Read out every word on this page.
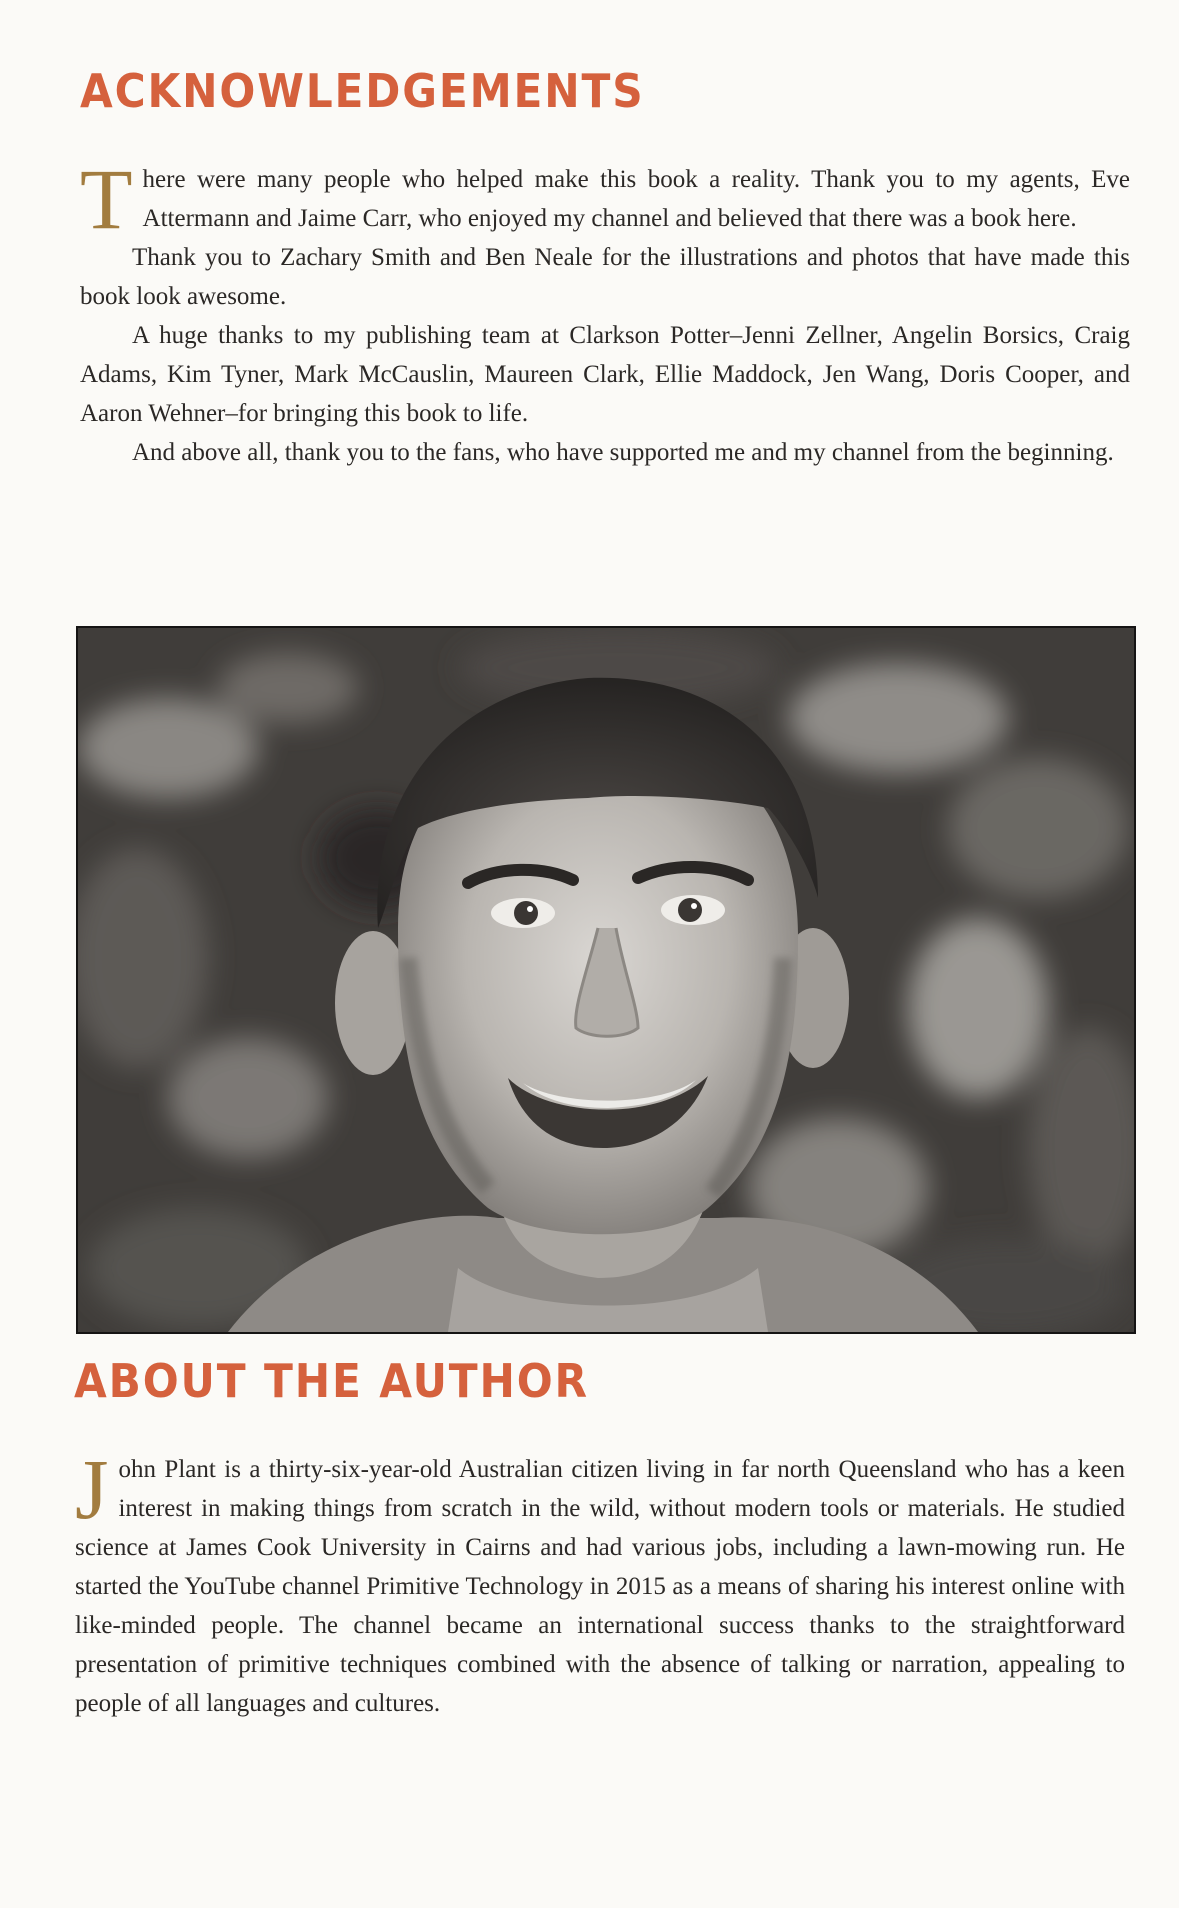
ACKNOWLEDGEMENTS

There were many people who helped make this book a reality. Thank you to my agents, Eve Attermann and Jaime Carr, who enjoyed my channel and believed that there was a book here.

Thank you to Zachary Smith and Ben Neale for the illustrations and photos that have made this book look awesome.

A huge thanks to my publishing team at Clarkson Potter–Jenni Zellner, Angelin Borsics, Craig Adams, Kim Tyner, Mark McCauslin, Maureen Clark, Ellie Maddock, Jen Wang, Doris Cooper, and Aaron Wehner–for bringing this book to life.

And above all, thank you to the fans, who have supported me and my channel from the beginning.

ABOUT THE AUTHOR

John Plant is a thirty-six-year-old Australian citizen living in far north Queensland who has a keen interest in making things from scratch in the wild, without modern tools or materials. He studied science at James Cook University in Cairns and had various jobs, including a lawn-mowing run. He started the YouTube channel Primitive Technology in 2015 as a means of sharing his interest online with like-minded people. The channel became an international success thanks to the straightforward presentation of primitive techniques combined with the absence of talking or narration, appealing to people of all languages and cultures.
